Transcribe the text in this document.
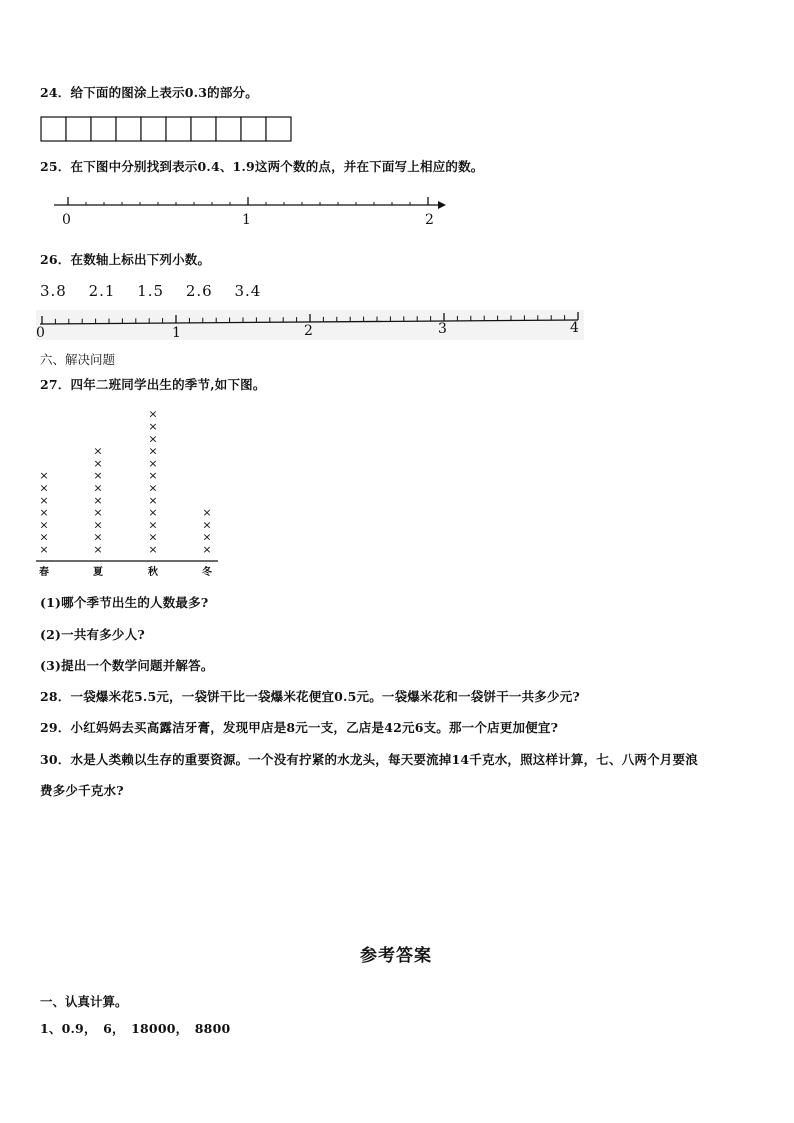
24．给下面的图涂上表示0.3的部分。
25．在下图中分别找到表示0.4、1.9这两个数的点，并在下面写上相应的数。
0	1	2
26．在数轴上标出下列小数。
3.8　 2.1　 1.5　 2.6　 3.4
0	1	2	3	4
六、解决问题
27．四年二班同学出生的季节,如下图。
×
×
×
×
×
×
×
春
×
×
×
×
×
×
×
×
×
夏
×
×
×
×
×
×
×
×
×
×
×
×
秋
×
×
×
×
冬
(1)哪个季节出生的人数最多?
(2)一共有多少人?
(3)提出一个数学问题并解答。
28．一袋爆米花5.5元，一袋饼干比一袋爆米花便宜0.5元。一袋爆米花和一袋饼干一共多少元?
29．小红妈妈去买高露洁牙膏，发现甲店是8元一支，乙店是42元6支。那一个店更加便宜?
30．水是人类赖以生存的重要资源。一个没有拧紧的水龙头，每天要流掉14千克水，照这样计算，七、八两个月要浪
费多少千克水?
参考答案
一、认真计算。
1、0.9，　6，　18000，　8800
